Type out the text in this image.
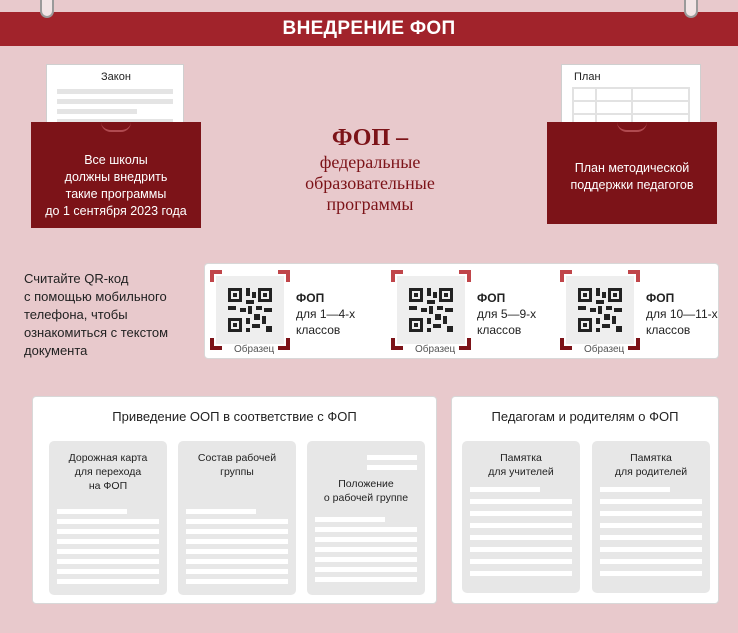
ВНЕДРЕНИЕ ФОП
Закон
Все школы
должны внедрить
такие программы
до 1 сентября 2023 года
ФОП –
федеральные
образовательные
программы
План
План методической
поддержки педагогов
Считайте QR-код
с помощью мобильного
телефона, чтобы
ознакомиться с текстом
документа	Образец
ФОП
для 1—4-х
классов
Образец
ФОП
для 5—9-х
классов
Образец
ФОП
для 10—11-х
классов
Приведение ООП в соответствие с ФОП
Дорожная карта
для перехода
на ФОП
Состав рабочей
группы
Положение
о рабочей группе
Педагогам и родителям о ФОП
Памятка
для учителей
Памятка
для родителей
